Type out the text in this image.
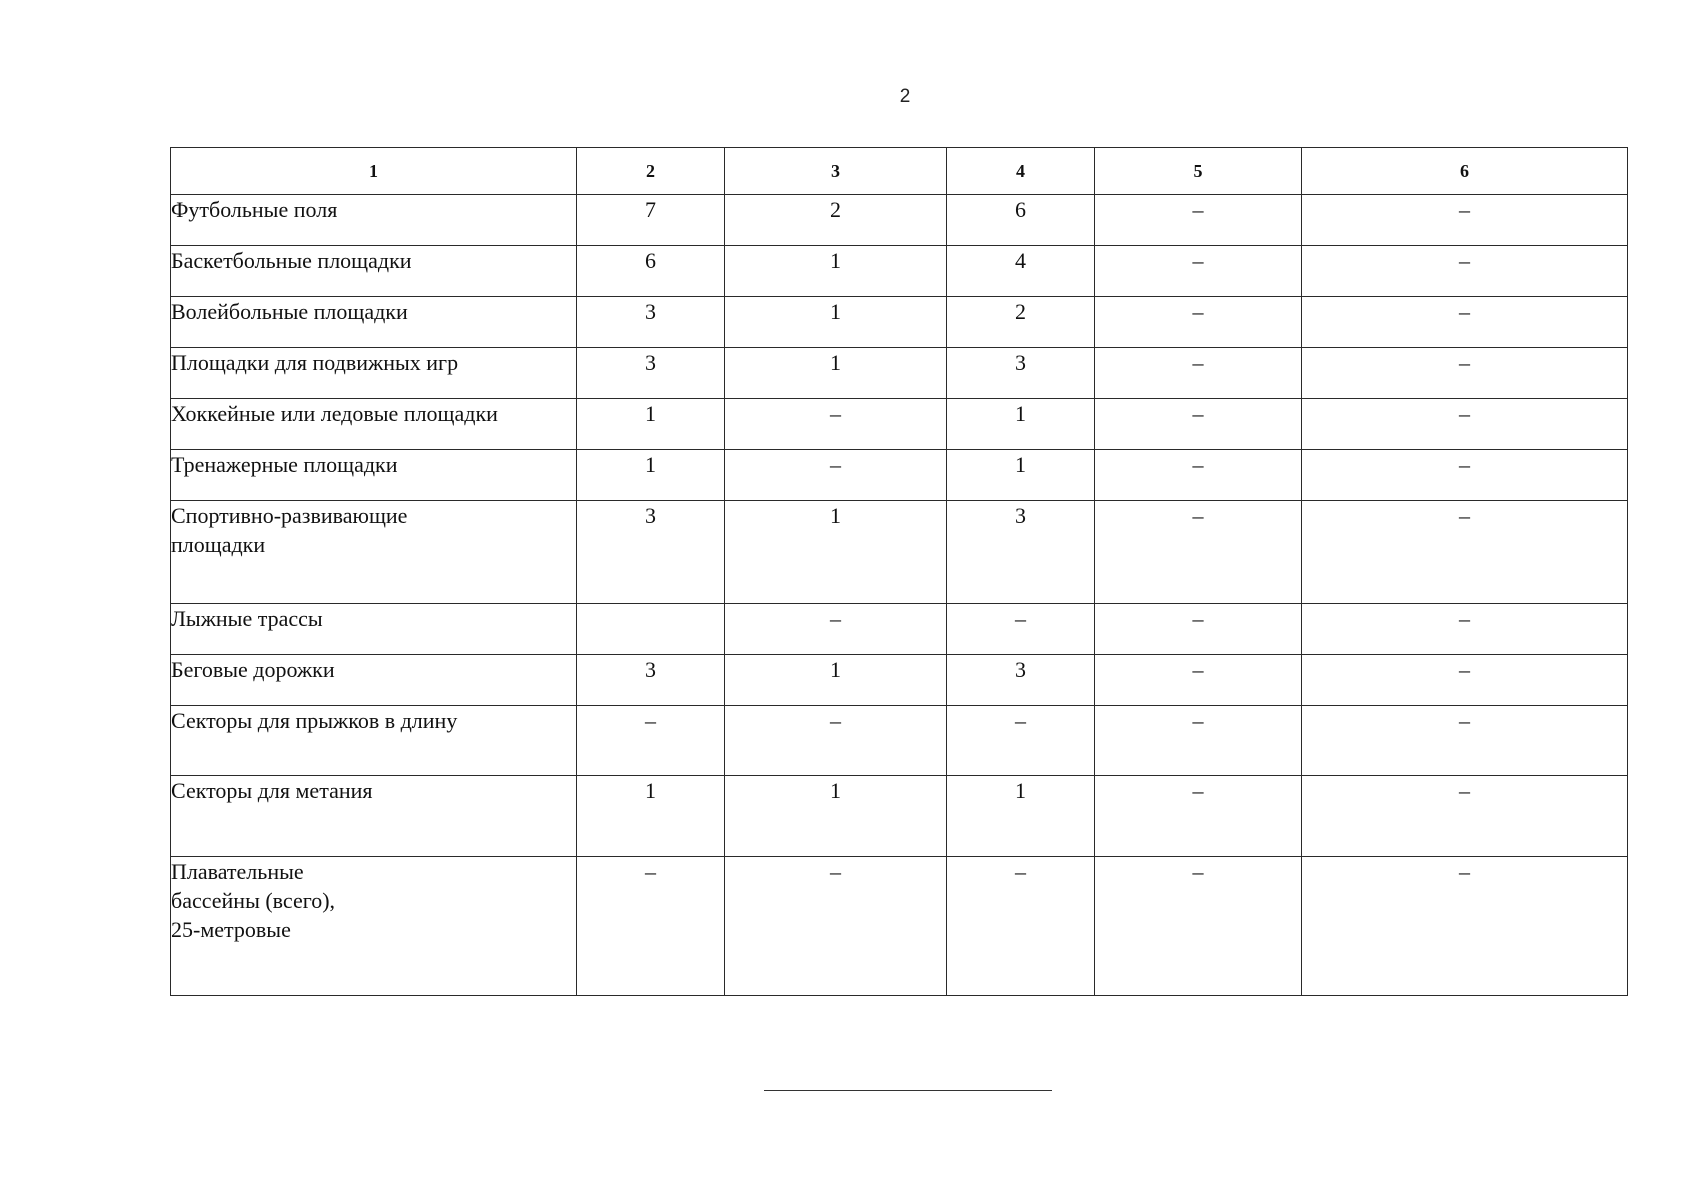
2
1	2	3	4	5	6
Футбольные поля	7	2	6	–	–
Баскетбольные площадки	6	1	4	–	–
Волейбольные площадки	3	1	2	–	–
Площадки для подвижных игр	3	1	3	–	–
Хоккейные или ледовые площадки	1	–	1	–	–
Тренажерные площадки	1	–	1	–	–
Спортивно-развивающие
площадки	3	1	3	–	–
Лыжные трассы		–	–	–	–
Беговые дорожки	3	1	3	–	–
Секторы для прыжков в длину	–	–	–	–	–
Секторы для метания	1	1	1	–	–
Плавательные
бассейны (всего),
25-метровые	–	–	–	–	–
